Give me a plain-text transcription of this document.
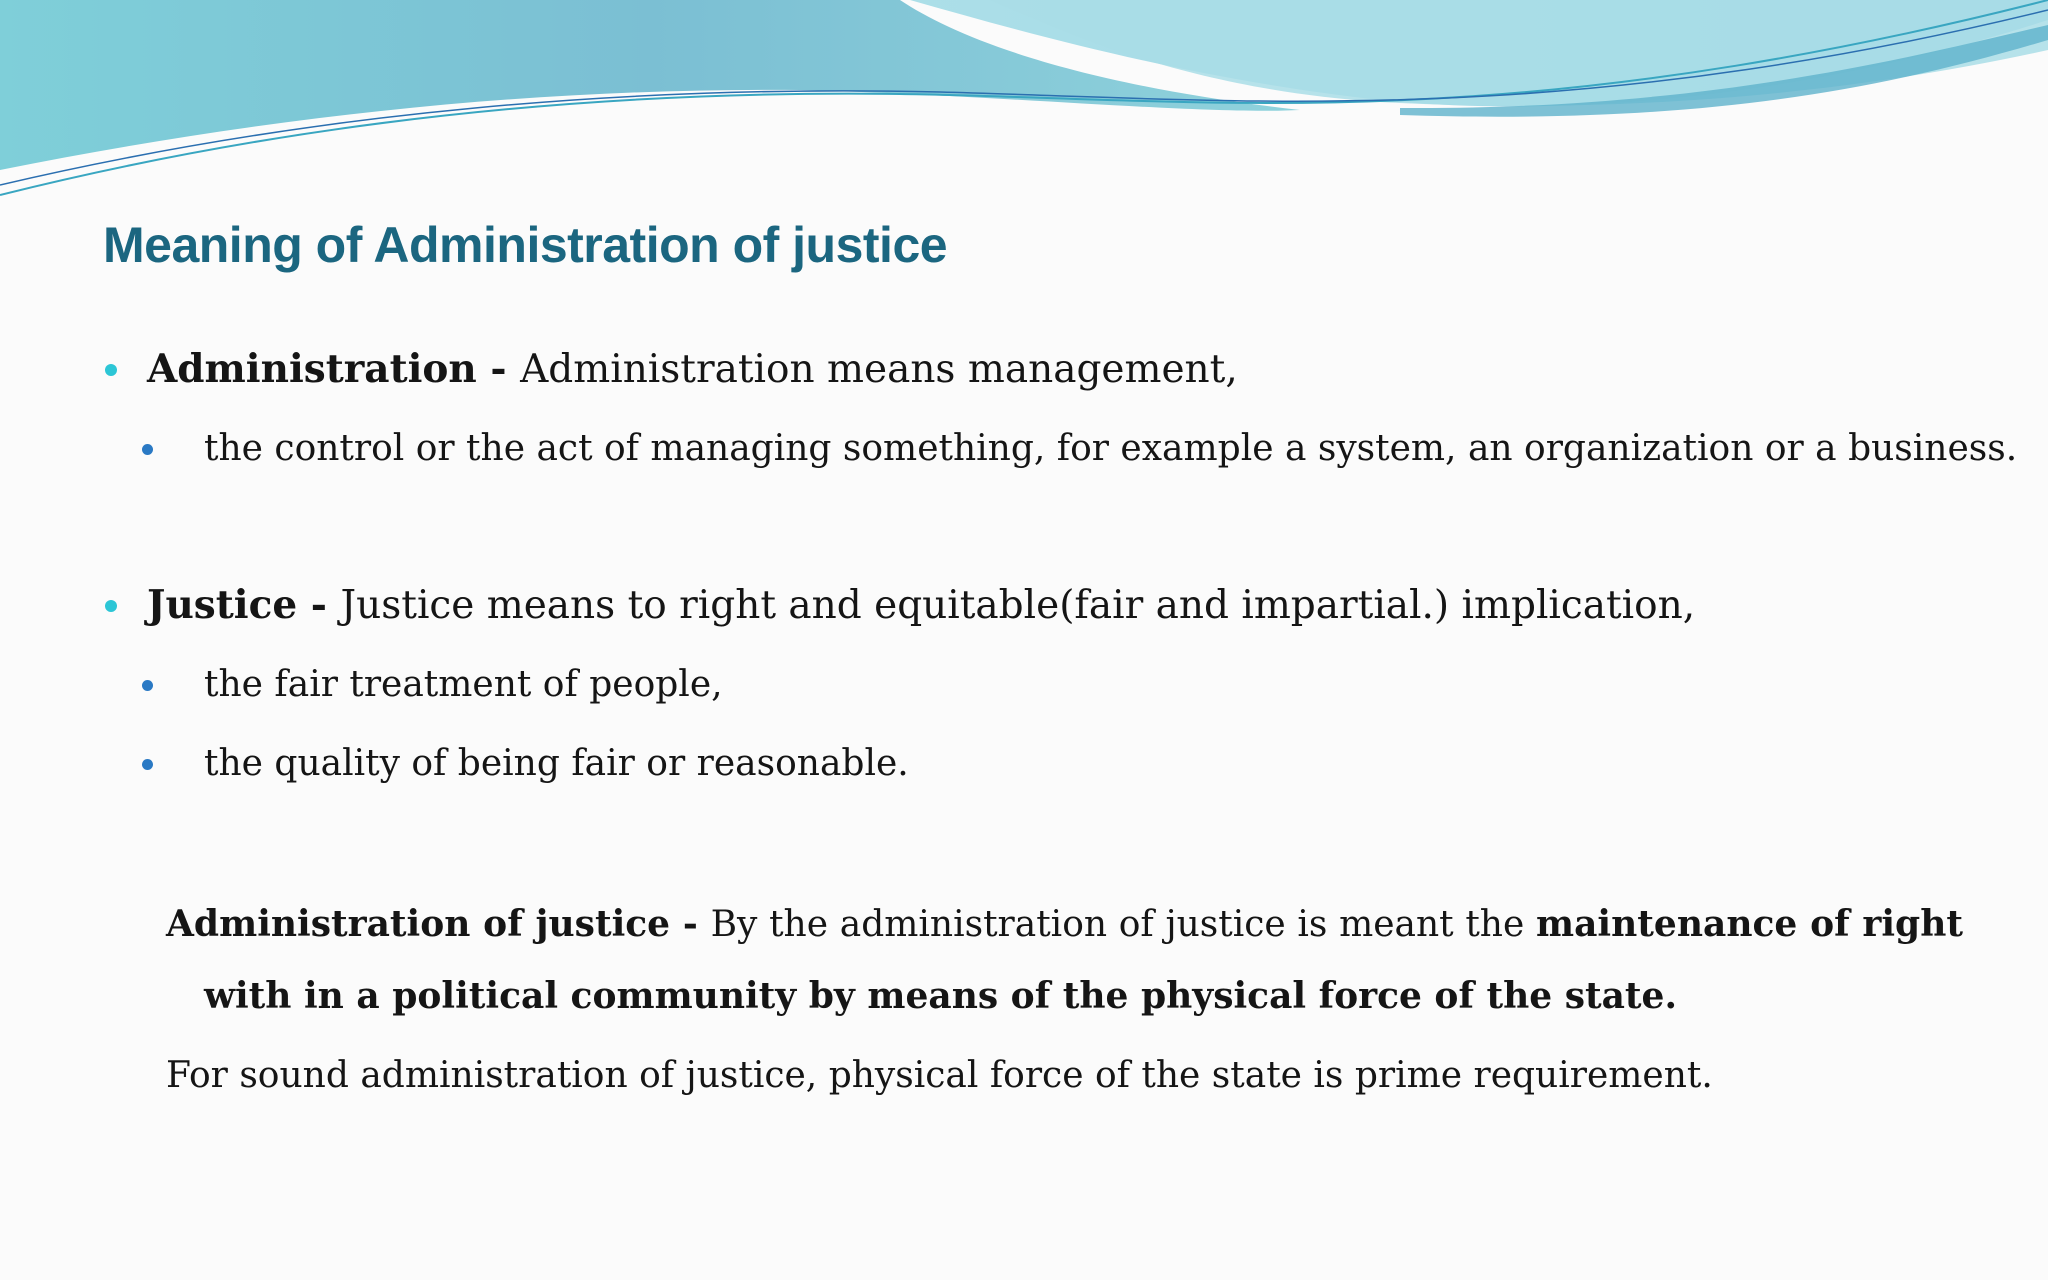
Meaning of Administration of justice
Administration - Administration means management,
the control or the act of managing something, for example a system, an organization or a business.
Justice - Justice means to right and equitable(fair and impartial.) implication,
the fair treatment of people,
the quality of being fair or reasonable.
Administration of justice - By the administration of justice is meant the maintenance of right
with in a political community by means of the physical force of the state.
For sound administration of justice, physical force of the state is prime requirement.
